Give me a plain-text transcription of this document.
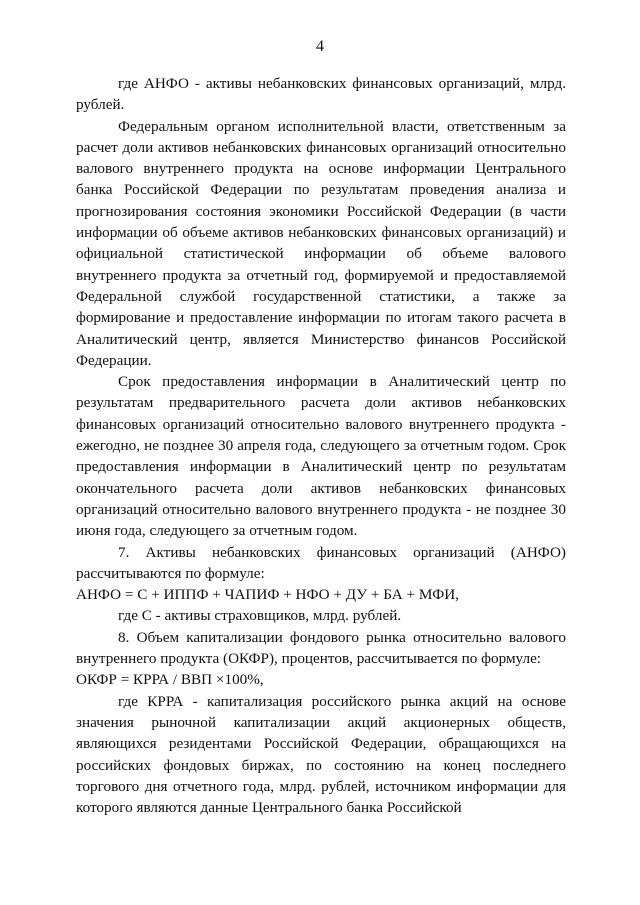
4

где АНФО - активы небанковских финансовых организаций, млрд. рублей.

Федеральным органом исполнительной власти, ответственным за расчет доли активов небанковских финансовых организаций относительно валового внутреннего продукта на основе информации Центрального банка Российской Федерации по результатам проведения анализа и прогнозирования состояния экономики Российской Федерации (в части информации об объеме активов небанковских финансовых организаций) и официальной статистической информации об объеме валового внутреннего продукта за отчетный год, формируемой и предоставляемой Федеральной службой государственной статистики, а также за формирование и предоставление информации по итогам такого расчета в Аналитический центр, является Министерство финансов Российской Федерации.

Срок предоставления информации в Аналитический центр по результатам предварительного расчета доли активов небанковских финансовых организаций относительно валового внутреннего продукта - ежегодно, не позднее 30 апреля года, следующего за отчетным годом. Срок предоставления информации в Аналитический центр по результатам окончательного расчета доли активов небанковских финансовых организаций относительно валового внутреннего продукта - не позднее 30 июня года, следующего за отчетным годом.

7. Активы небанковских финансовых организаций (АНФО) рассчитываются по формуле:

АНФО = С + ИППФ + ЧАПИФ + НФО + ДУ + БА + МФИ,

где С - активы страховщиков, млрд. рублей.

8. Объем капитализации фондового рынка относительно валового внутреннего продукта (ОКФР), процентов, рассчитывается по формуле:

ОКФР = КРРА / ВВП ×100%,

где КРРА - капитализация российского рынка акций на основе значения рыночной капитализации акций акционерных обществ, являющихся резидентами Российской Федерации, обращающихся на российских фондовых биржах, по состоянию на конец последнего торгового дня отчетного года, млрд. рублей, источником информации для которого являются данные Центрального банка Российской
